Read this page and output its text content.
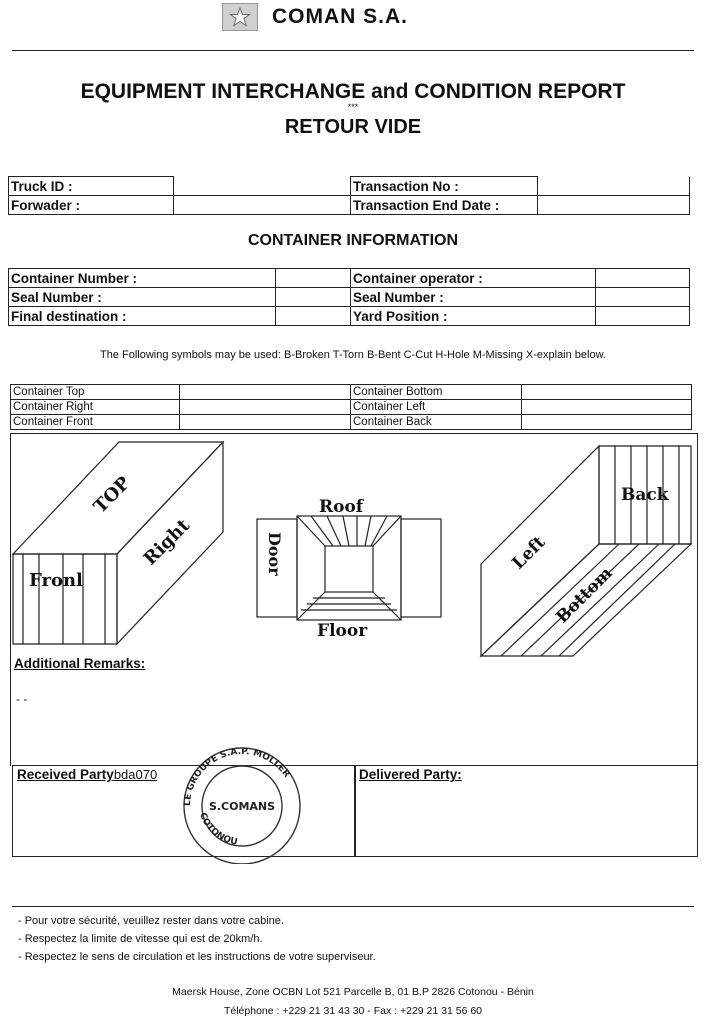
COMAN S.A.
EQUIPMENT INTERCHANGE and CONDITION REPORT
***
RETOUR VIDE
Truck ID :		Transaction No :	
Forwader :		Transaction End Date :	
CONTAINER INFORMATION
Container Number :		Container operator :	
Seal Number :		Seal Number :	
Final destination :		Yard Position :	
The Following symbols may be used: B-Broken T-Torn B-Bent C-Cut H-Hole M-Missing X-explain below.
Container Top		Container Bottom	
Container Right		Container Left	
Container Front		Container Back	
TOP
Right
Fronl
Door
Roof
Floor
Left
Bottom
Back
Additional Remarks:
- -
Received Partybda070	Delivered Party:
LE GROUPE S.A.P. MOLLER
COTONOU
S.COMANS
- Pour votre sécurité, veuillez rester dans votre cabine.
- Respectez la limite de vitesse qui est de 20km/h.
- Respectez le sens de circulation et les instructions de votre superviseur.
Maersk House, Zone OCBN Lot 521 Parcelle B, 01 B.P 2826 Cotonou - Bénin
Téléphone : +229 21 31 43 30 - Fax : +229 21 31 56 60
